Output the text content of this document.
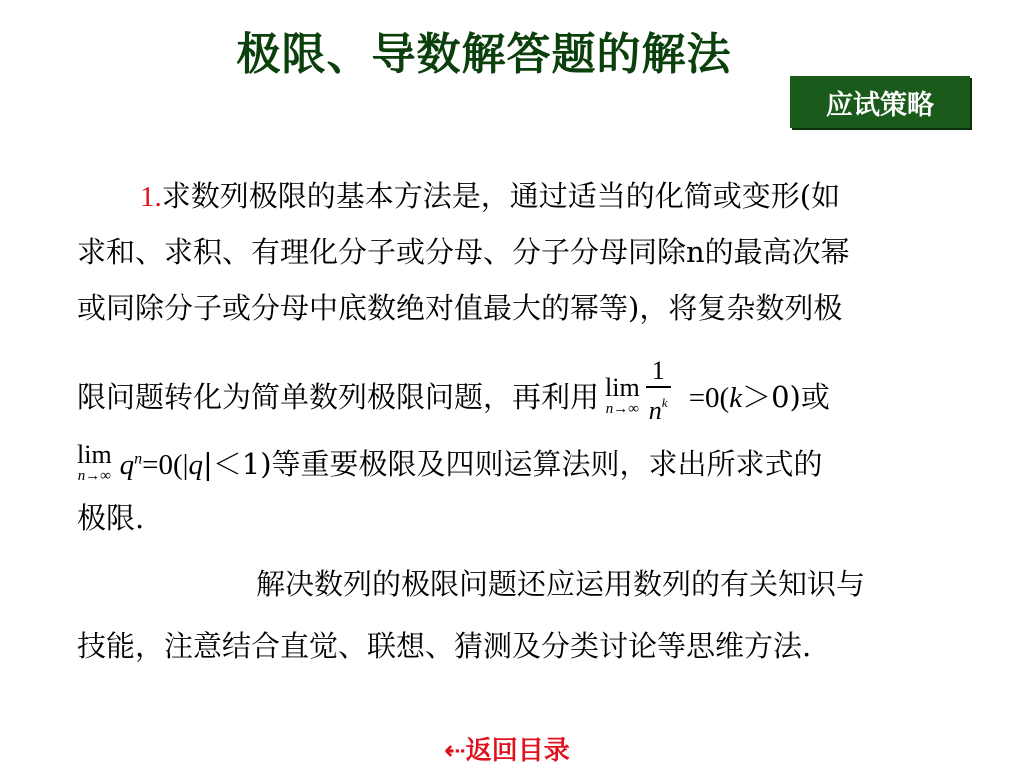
极限、导数解答题的解法
应试策略
1.求数列极限的基本方法是，通过适当的化简或变形(如
求和、求积、有理化分子或分母、分子分母同除n的最高次幂
或同除分子或分母中底数绝对值最大的幂等)，将复杂数列极
限问题转化为简单数列极限问题，再利用 lim
$n\to\infty \frac{1}{n^k} =0(k>0)$或
lim
n→∞ $q^n=0(|q|<1)$等重要极限及四则运算法则，求出所求式的
极限.
解决数列的极限问题还应运用数列的有关知识与
技能，注意结合直觉、联想、猜测及分类讨论等思维方法.
⇠返回目录
